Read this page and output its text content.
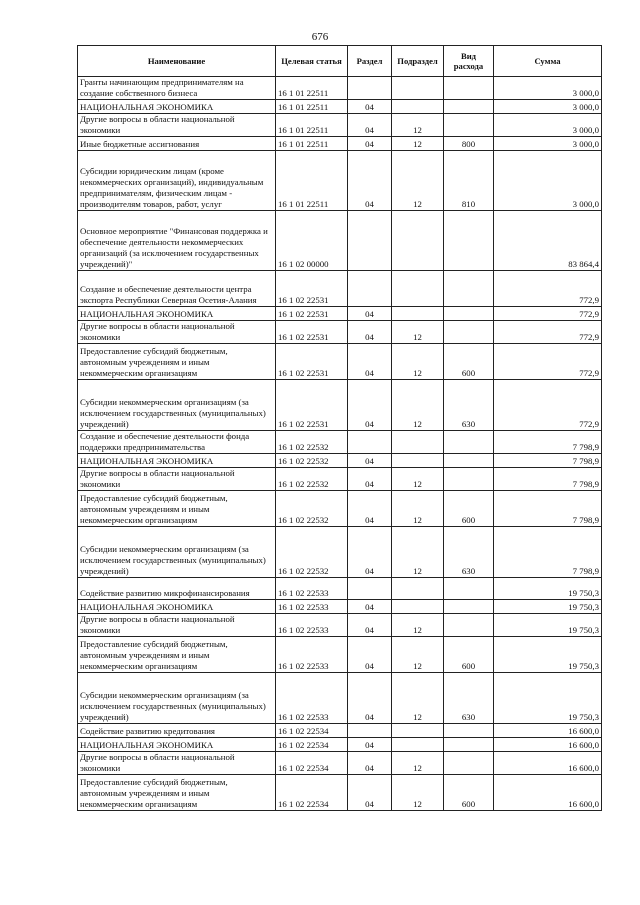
676
Наименование	Целевая статья	Раздел	Подраздел	Вид расхода	Сумма
Гранты начинающим предпринимателям на создание собственного бизнеса	16 1 01 22511				3 000,0
НАЦИОНАЛЬНАЯ ЭКОНОМИКА	16 1 01 22511	04			3 000,0
Другие вопросы в области национальной экономики	16 1 01 22511	04	12		3 000,0
Иные бюджетные ассигнования	16 1 01 22511	04	12	800	3 000,0
Субсидии юридическим лицам (кроме некоммерческих организаций), индивидуальным предпринимателям, физическим лицам - производителям товаров, работ, услуг	16 1 01 22511	04	12	810	3 000,0
Основное мероприятие "Финансовая поддержка и обеспечение деятельности некоммерческих организаций (за исключением государственных учреждений)"	16 1 02 00000				83 864,4
Создание и обеспечение деятельности центра экспорта Республики Северная Осетия-Алания	16 1 02 22531				772,9
НАЦИОНАЛЬНАЯ ЭКОНОМИКА	16 1 02 22531	04			772,9
Другие вопросы в области национальной экономики	16 1 02 22531	04	12		772,9
Предоставление субсидий бюджетным, автономным учреждениям и иным некоммерческим организациям	16 1 02 22531	04	12	600	772,9
Субсидии некоммерческим организациям (за исключением государственных (муниципальных) учреждений)	16 1 02 22531	04	12	630	772,9
Создание и обеспечение деятельности фонда поддержки предпринимательства	16 1 02 22532				7 798,9
НАЦИОНАЛЬНАЯ ЭКОНОМИКА	16 1 02 22532	04			7 798,9
Другие вопросы в области национальной экономики	16 1 02 22532	04	12		7 798,9
Предоставление субсидий бюджетным, автономным учреждениям и иным некоммерческим организациям	16 1 02 22532	04	12	600	7 798,9
Субсидии некоммерческим организациям (за исключением государственных (муниципальных) учреждений)	16 1 02 22532	04	12	630	7 798,9
Содействие развитию микрофинансирования	16 1 02 22533				19 750,3
НАЦИОНАЛЬНАЯ ЭКОНОМИКА	16 1 02 22533	04			19 750,3
Другие вопросы в области национальной экономики	16 1 02 22533	04	12		19 750,3
Предоставление субсидий бюджетным, автономным учреждениям и иным некоммерческим организациям	16 1 02 22533	04	12	600	19 750,3
Субсидии некоммерческим организациям (за исключением государственных (муниципальных) учреждений)	16 1 02 22533	04	12	630	19 750,3
Содействие развитию кредитования	16 1 02 22534				16 600,0
НАЦИОНАЛЬНАЯ ЭКОНОМИКА	16 1 02 22534	04			16 600,0
Другие вопросы в области национальной экономики	16 1 02 22534	04	12		16 600,0
Предоставление субсидий бюджетным, автономным учреждениям и иным некоммерческим организациям	16 1 02 22534	04	12	600	16 600,0
